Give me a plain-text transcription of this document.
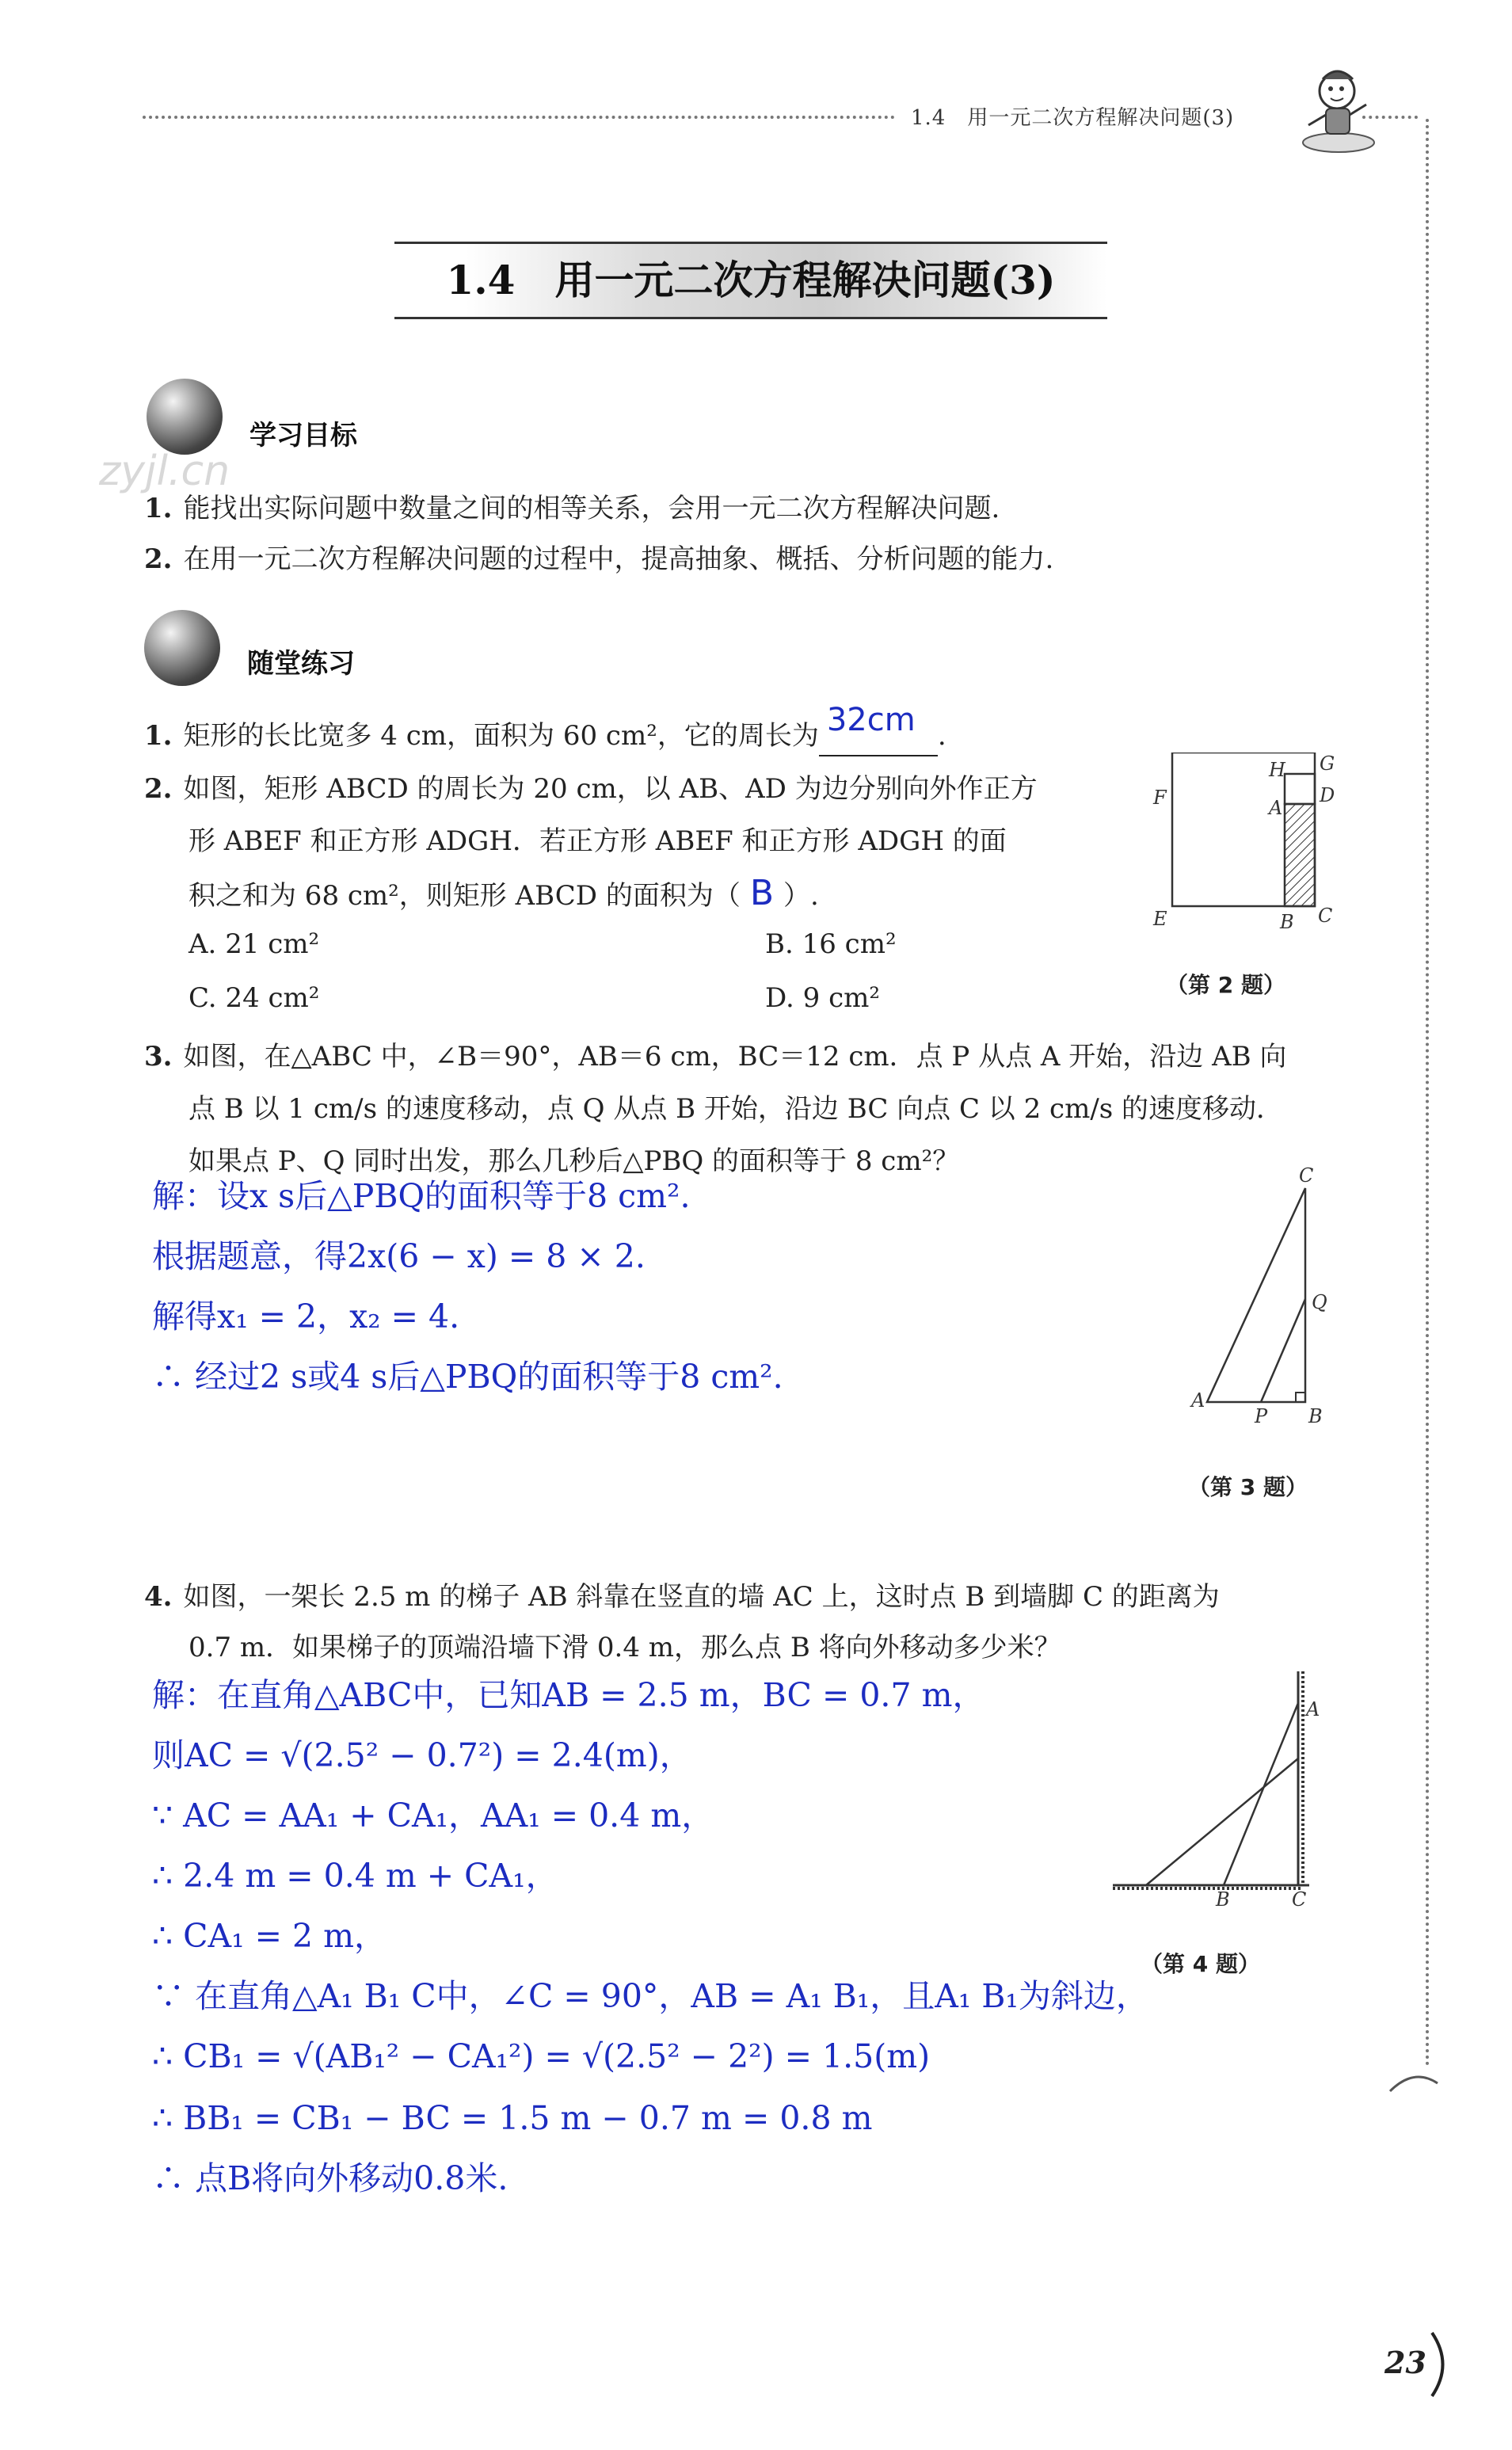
1.4　用一元二次方程解决问题(3)
1.4　用一元二次方程解决问题(3)
学习目标
zyjl.cn
1. 能找出实际问题中数量之间的相等关系，会用一元二次方程解决问题.
2. 在用一元二次方程解决问题的过程中，提高抽象、概括、分析问题的能力.
随堂练习
1. 矩形的长比宽多 4 cm，面积为 60 cm²，它的周长为 32cm .
2. 如图，矩形 ABCD 的周长为 20 cm，以 AB、AD 为边分别向外作正方
形 ABEF 和正方形 ADGH．若正方形 ABEF 和正方形 ADGH 的面
积之和为 68 cm²，则矩形 ABCD 的面积为（ B ）.
A. 21 cm²	B. 16 cm²
C. 24 cm²	D. 9 cm²
H G
F	D
A
E	B C
（第 2 题）
3. 如图，在△ABC 中，∠B＝90°，AB＝6 cm，BC＝12 cm．点 P 从点 A 开始，沿边 AB 向
点 B 以 1 cm/s 的速度移动，点 Q 从点 B 开始，沿边 BC 向点 C 以 2 cm/s 的速度移动．
如果点 P、Q 同时出发，那么几秒后△PBQ 的面积等于 8 cm²？
解：设x s后△PBQ的面积等于8 cm².
根据题意，得2x(6 − x) = 8 × 2.
解得x₁ = 2，x₂ = 4.
∴ 经过2 s或4 s后△PBQ的面积等于8 cm².
C
Q
A
P B
（第 3 题）
4. 如图，一架长 2.5 m 的梯子 AB 斜靠在竖直的墙 AC 上，这时点 B 到墙脚 C 的距离为
0.7 m．如果梯子的顶端沿墙下滑 0.4 m，那么点 B 将向外移动多少米？
解：在直角△ABC中，已知AB = 2.5 m，BC = 0.7 m，
则AC = √(2.5² − 0.7²) = 2.4(m)，
∵ AC = AA₁ + CA₁，AA₁ = 0.4 m，
∴ 2.4 m = 0.4 m + CA₁，
∴ CA₁ = 2 m，
∵ 在直角△A₁ B₁ C中，∠C = 90°，AB = A₁ B₁，且A₁ B₁为斜边，
∴ CB₁ = √(AB₁² − CA₁²) = √(2.5² − 2²) = 1.5(m)
∴ BB₁ = CB₁ − BC = 1.5 m − 0.7 m = 0.8 m
∴ 点B将向外移动0.8米.
A
B	C
（第 4 题）
23
